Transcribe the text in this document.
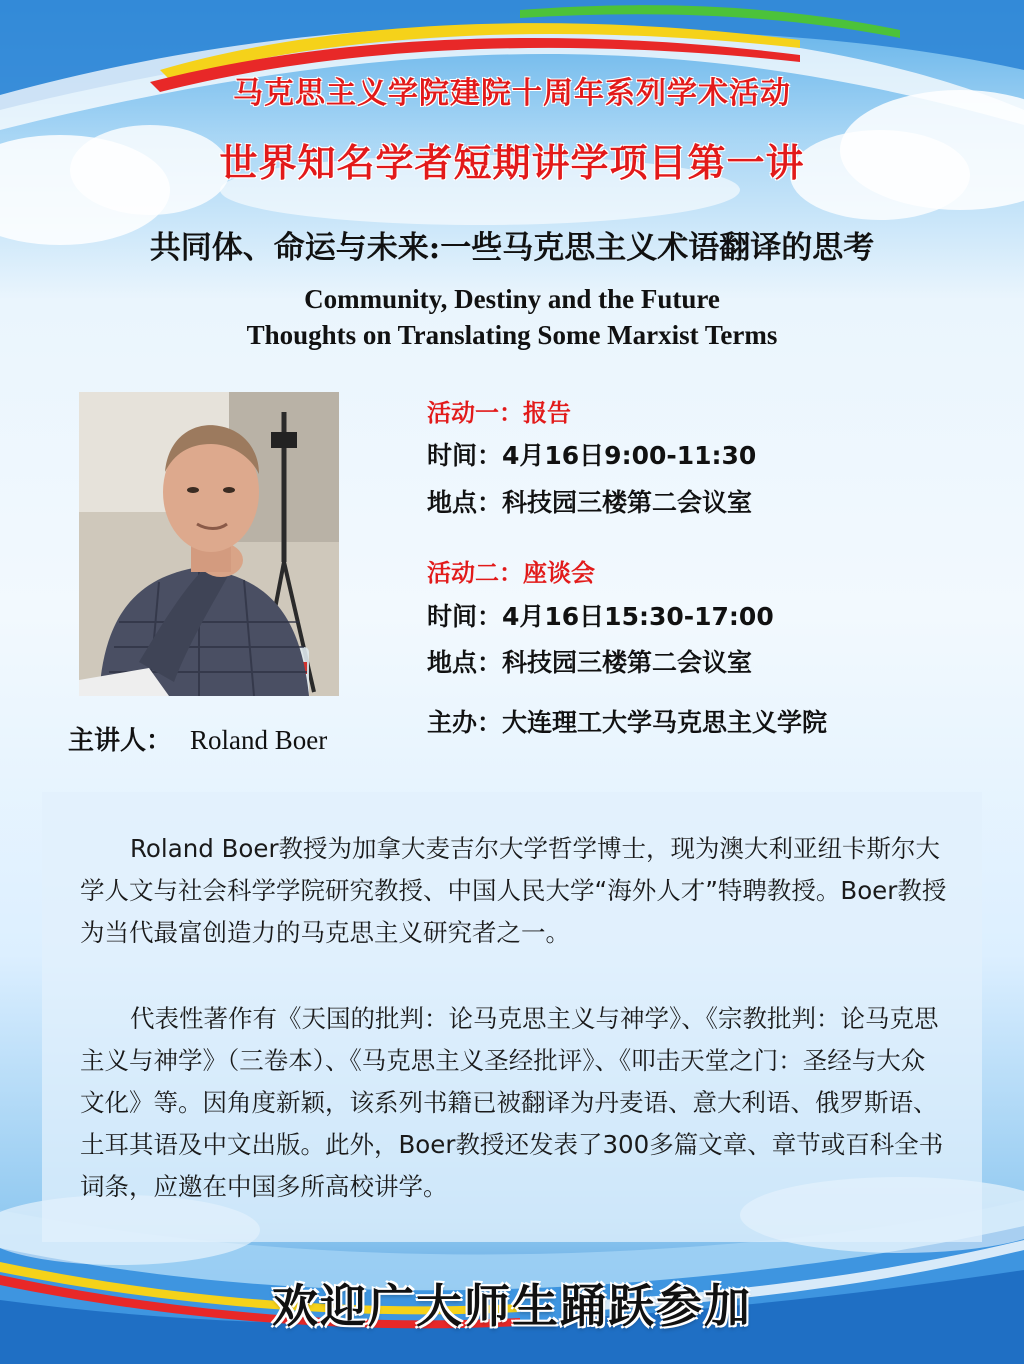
马克思主义学院建院十周年系列学术活动
世界知名学者短期讲学项目第一讲
共同体、命运与未来:一些马克思主义术语翻译的思考
Community, Destiny and the Future
Thoughts on Translating Some Marxist Terms
主讲人： Roland Boer
活动一：报告
时间：4月16日9:00-11:30
地点：科技园三楼第二会议室
活动二：座谈会
时间：4月16日15:30-17:00
地点：科技园三楼第二会议室
主办：大连理工大学马克思主义学院
Roland Boer教授为加拿大麦吉尔大学哲学博士，现为澳大利亚纽卡斯尔大学人文与社会科学学院研究教授、中国人民大学“海外人才”特聘教授。Boer教授为当代最富创造力的马克思主义研究者之一。
代表性著作有《天国的批判：论马克思主义与神学》、《宗教批判：论马克思主义与神学》（三卷本）、《马克思主义圣经批评》、《叩击天堂之门：圣经与大众文化》等。因角度新颖，该系列书籍已被翻译为丹麦语、意大利语、俄罗斯语、土耳其语及中文出版。此外，Boer教授还发表了300多篇文章、章节或百科全书词条，应邀在中国多所高校讲学。
欢迎广大师生踊跃参加
